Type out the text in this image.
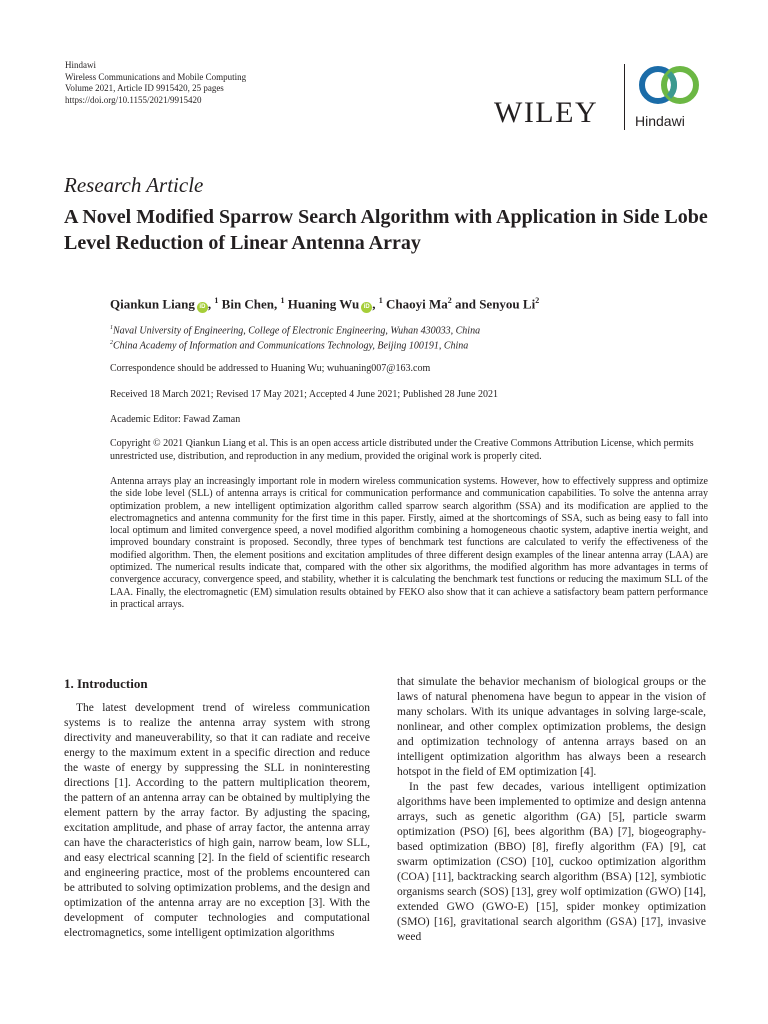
Hindawi
Wireless Communications and Mobile Computing
Volume 2021, Article ID 9915420, 25 pages
https://doi.org/10.1155/2021/9915420	WILEY	Hindawi
Research Article
A Novel Modified Sparrow Search Algorithm with Application in Side Lobe Level Reduction of Linear Antenna Array
Qiankun Liang iD , $^1$ Bin Chen, $^1$ Huaning Wu iD , $^1$ Chaoyi Ma$^2$ and Senyou Li$^2$
$^1$Naval University of Engineering, College of Electronic Engineering, Wuhan 430033, China
$^2$China Academy of Information and Communications Technology, Beijing 100191, China
Correspondence should be addressed to Huaning Wu; wuhuaning007@163.com
Received 18 March 2021; Revised 17 May 2021; Accepted 4 June 2021; Published 28 June 2021
Academic Editor: Fawad Zaman
Copyright © 2021 Qiankun Liang et al. This is an open access article distributed under the Creative Commons Attribution License, which permits unrestricted use, distribution, and reproduction in any medium, provided the original work is properly cited.
Antenna arrays play an increasingly important role in modern wireless communication systems. However, how to effectively suppress and optimize the side lobe level (SLL) of antenna arrays is critical for communication performance and communication capabilities. To solve the antenna array optimization problem, a new intelligent optimization algorithm called sparrow search algorithm (SSA) and its modification are applied to the electromagnetics and antenna community for the first time in this paper. Firstly, aimed at the shortcomings of SSA, such as being easy to fall into local optimum and limited convergence speed, a novel modified algorithm combining a homogeneous chaotic system, adaptive inertia weight, and improved boundary constraint is proposed. Secondly, three types of benchmark test functions are calculated to verify the effectiveness of the modified algorithm. Then, the element positions and excitation amplitudes of three different design examples of the linear antenna array (LAA) are optimized. The numerical results indicate that, compared with the other six algorithms, the modified algorithm has more advantages in terms of convergence accuracy, convergence speed, and stability, whether it is calculating the benchmark test functions or reducing the maximum SLL of the LAA. Finally, the electromagnetic (EM) simulation results obtained by FEKO also show that it can achieve a satisfactory beam pattern performance in practical arrays.
1. Introduction

The latest development trend of wireless communication systems is to realize the antenna array system with strong directivity and maneuverability, so that it can radiate and receive energy to the maximum extent in a specific direction and reduce the waste of energy by suppressing the SLL in noninteresting directions [1]. According to the pattern multiplication theorem, the pattern of an antenna array can be obtained by multiplying the element pattern by the array factor. By adjusting the spacing, excitation amplitude, and phase of array factor, the antenna array can have the characteristics of high gain, narrow beam, low SLL, and easy electrical scanning [2]. In the field of scientific research and engineering practice, most of the problems encountered can be attributed to solving optimization problems, and the design and optimization of the antenna array are no exception [3]. With the development of computer technologies and computational electromagnetics, some intelligent optimization algorithms

that simulate the behavior mechanism of biological groups or the laws of natural phenomena have begun to appear in the vision of many scholars. With its unique advantages in solving large-scale, nonlinear, and other complex optimization problems, the design and optimization technology of antenna arrays based on an intelligent optimization algorithm has always been a research hotspot in the field of EM optimization [4].

In the past few decades, various intelligent optimization algorithms have been implemented to optimize and design antenna arrays, such as genetic algorithm (GA) [5], particle swarm optimization (PSO) [6], bees algorithm (BA) [7], biogeography-based optimization (BBO) [8], firefly algorithm (FA) [9], cat swarm optimization (CSO) [10], cuckoo optimization algorithm (COA) [11], backtracking search algorithm (BSA) [12], symbiotic organisms search (SOS) [13], grey wolf optimization (GWO) [14], extended GWO (GWO-E) [15], spider monkey optimization (SMO) [16], gravitational search algorithm (GSA) [17], invasive weed
